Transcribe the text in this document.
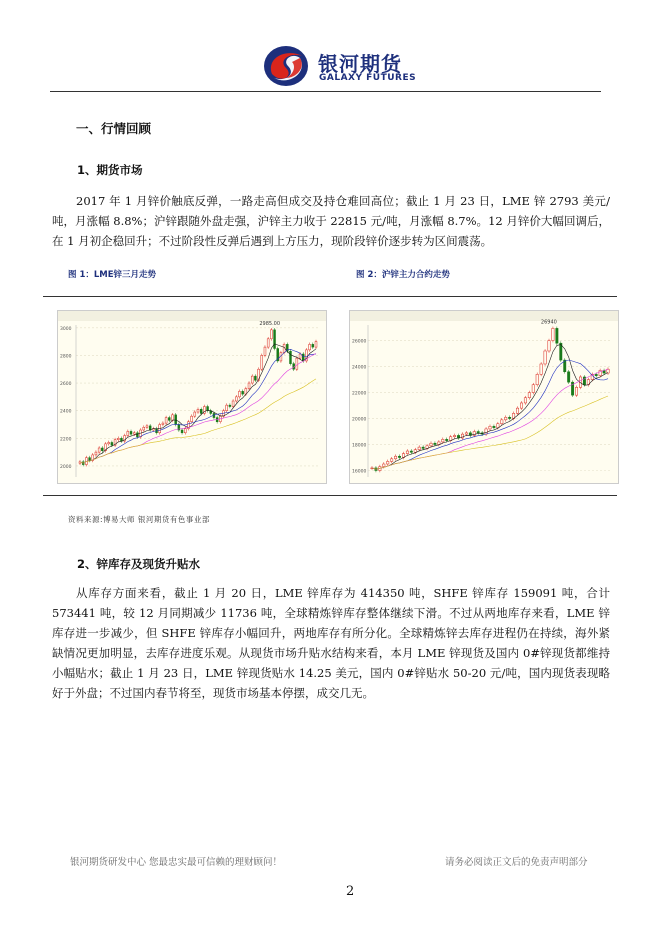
银河期货
GALAXY FUTURES
一、行情回顾
1、期货市场
2017 年 1 月锌价触底反弹，一路走高但成交及持仓难回高位；截止 1 月 23 日，LME 锌 2793 美元/吨，月涨幅 8.8%；沪锌跟随外盘走强，沪锌主力收于 22815 元/吨，月涨幅 8.7%。12 月锌价大幅回调后，在 1 月初企稳回升；不过阶段性反弹后遇到上方压力，现阶段锌价逐步转为区间震荡。
图 1：LME锌三月走势	图 2：沪锌主力合约走势
2000
2200
2400
2600
2800
3000
2985.00
16000
18000
20000
22000
24000
26000
26940
资料来源:博易大师 银河期货有色事业部
2、锌库存及现货升贴水
从库存方面来看，截止 1 月 20 日，LME 锌库存为 414350 吨，SHFE 锌库存 159091 吨，合计 573441 吨，较 12 月同期减少 11736 吨，全球精炼锌库存整体继续下滑。不过从两地库存来看，LME 锌库存进一步减少，但 SHFE 锌库存小幅回升，两地库存有所分化。全球精炼锌去库存进程仍在持续，海外紧缺情况更加明显，去库存进度乐观。从现货市场升贴水结构来看，本月 LME 锌现货及国内 0#锌现货都维持小幅贴水；截止 1 月 23 日，LME 锌现货贴水 14.25 美元，国内 0#锌贴水 50-20 元/吨，国内现货表现略好于外盘；不过国内春节将至，现货市场基本停摆，成交几无。
银河期货研发中心 您最忠实最可信赖的理财顾问！	请务必阅读正文后的免责声明部分
2
